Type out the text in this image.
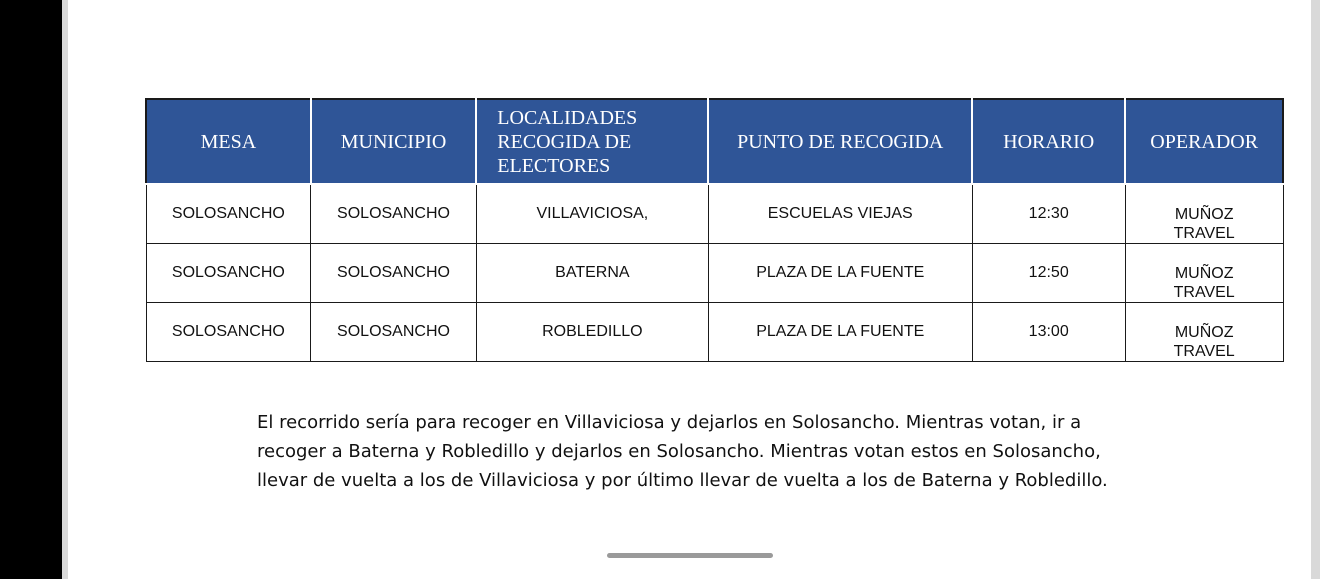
MESA	MUNICIPIO	LOCALIDADES
RECOGIDA DE
ELECTORES	PUNTO DE RECOGIDA	HORARIO	OPERADOR
SOLOSANCHO	SOLOSANCHO	VILLAVICIOSA,	ESCUELAS VIEJAS	12:30	MUÑOZ
TRAVEL

SOLOSANCHO	SOLOSANCHO	BATERNA	PLAZA DE LA FUENTE	12:50	MUÑOZ
TRAVEL

SOLOSANCHO	SOLOSANCHO	ROBLEDILLO	PLAZA DE LA FUENTE	13:00	MUÑOZ
TRAVEL
El recorrido sería para recoger en Villaviciosa y dejarlos en Solosancho. Mientras votan, ir a
recoger a Baterna y Robledillo y dejarlos en Solosancho. Mientras votan estos en Solosancho,
llevar de vuelta a los de Villaviciosa y por último llevar de vuelta a los de Baterna y Robledillo.
